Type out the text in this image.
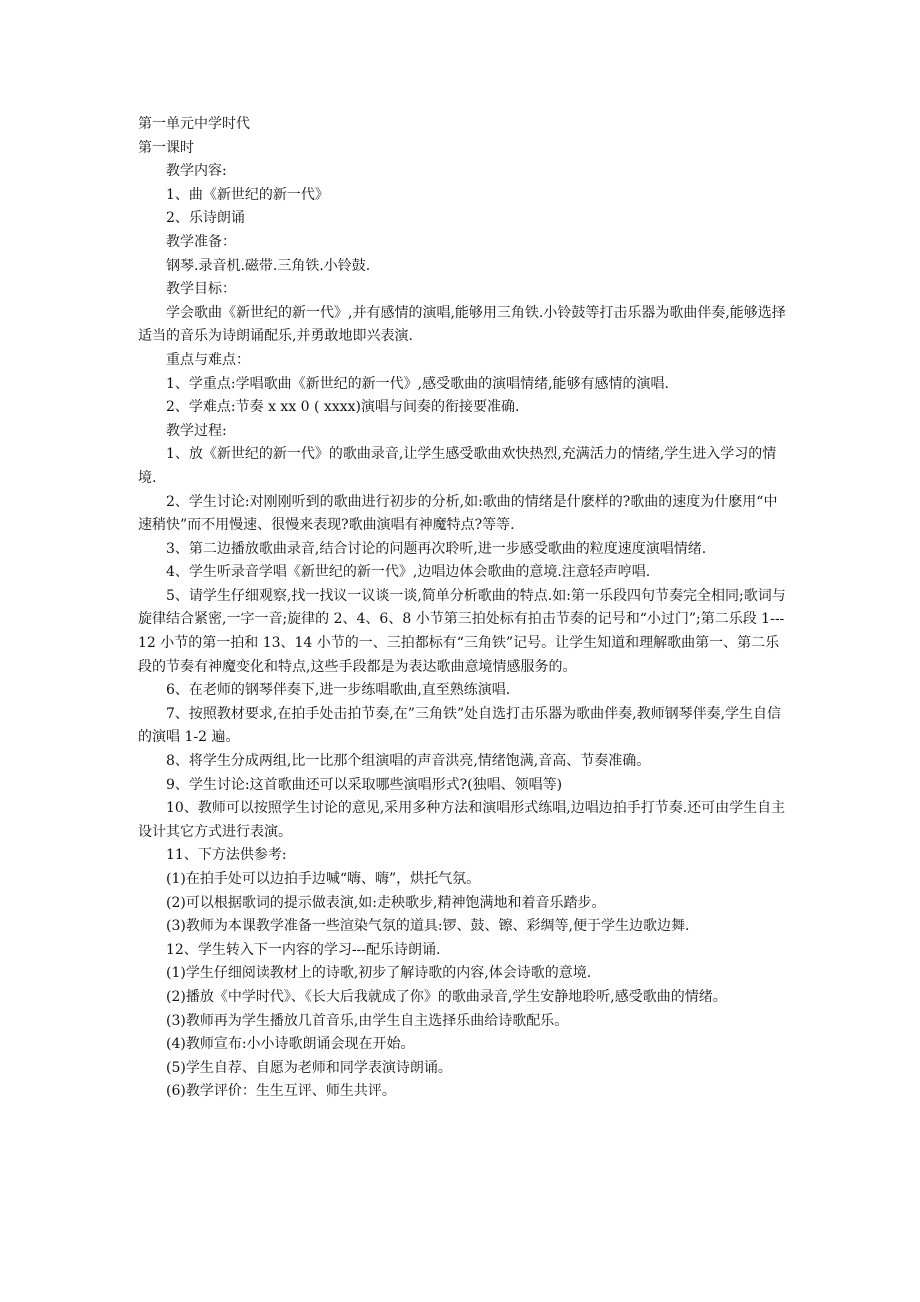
第一单元中学时代

第一课时

教学内容:

1、曲《新世纪的新一代》

2、乐诗朗诵

教学准备：

钢琴.录音机.磁带.三角铁.小铃鼓.

教学目标：

学会歌曲《新世纪的新一代》,并有感情的演唱,能够用三角铁.小铃鼓等打击乐器为歌曲伴奏,能够选择适当的音乐为诗朗诵配乐,并勇敢地即兴表演.

重点与难点：

1、学重点:学唱歌曲《新世纪的新一代》,感受歌曲的演唱情绪,能够有感情的演唱.

2、学难点:节奏 x xx 0 ( xxxx)演唱与间奏的衔接要准确.

教学过程:

1、放《新世纪的新一代》的歌曲录音,让学生感受歌曲欢快热烈,充满活力的情绪,学生进入学习的情境.

2、学生讨论:对刚刚听到的歌曲进行初步的分析,如:歌曲的情绪是什麽样的?歌曲的速度为什麽用“中速稍快”而不用慢速、很慢来表现?歌曲演唱有神魔特点?等等.

3、第二边播放歌曲录音,结合讨论的问题再次聆听,进一步感受歌曲的粒度速度演唱情绪.

4、学生听录音学唱《新世纪的新一代》,边唱边体会歌曲的意境.注意轻声哼唱.

5、请学生仔细观察,找一找议一议谈一谈,简单分析歌曲的特点.如:第一乐段四句节奏完全相同;歌词与旋律结合紧密,一字一音;旋律的 2、4、6、8 小节第三拍处标有拍击节奏的记号和“小过门”;第二乐段 1---12 小节的第一拍和 13、14 小节的一、三拍都标有“三角铁”记号。让学生知道和理解歌曲第一、第二乐段的节奏有神魔变化和特点,这些手段都是为表达歌曲意境情感服务的。

6、在老师的钢琴伴奏下,进一步练唱歌曲,直至熟练演唱.

7、按照教材要求,在拍手处击拍节奏,在”三角铁”处自选打击乐器为歌曲伴奏,教师钢琴伴奏,学生自信的演唱 1-2 遍。

8、将学生分成两组,比一比那个组演唱的声音洪亮,情绪饱满,音高、节奏准确。

9、学生讨论:这首歌曲还可以采取哪些演唱形式?(独唱、领唱等)

10、教师可以按照学生讨论的意见,采用多种方法和演唱形式练唱,边唱边拍手打节奏.还可由学生自主设计其它方式进行表演。

11、下方法供参考:

(1)在拍手处可以边拍手边喊“嗨、嗨”，烘托气氛。

(2)可以根据歌词的提示做表演,如:走秧歌步,精神饱满地和着音乐踏步。

(3)教师为本课教学准备一些渲染气氛的道具:锣、鼓、镲、彩绸等,便于学生边歌边舞.

12、学生转入下一内容的学习---配乐诗朗诵.

(1)学生仔细阅读教材上的诗歌,初步了解诗歌的内容,体会诗歌的意境.

(2)播放《中学时代》、《长大后我就成了你》的歌曲录音,学生安静地聆听,感受歌曲的情绪。

(3)教师再为学生播放几首音乐,由学生自主选择乐曲给诗歌配乐。

(4)教师宣布:小小诗歌朗诵会现在开始。

(5)学生自荐、自愿为老师和同学表演诗朗诵。

(6)教学评价：生生互评、师生共评。
